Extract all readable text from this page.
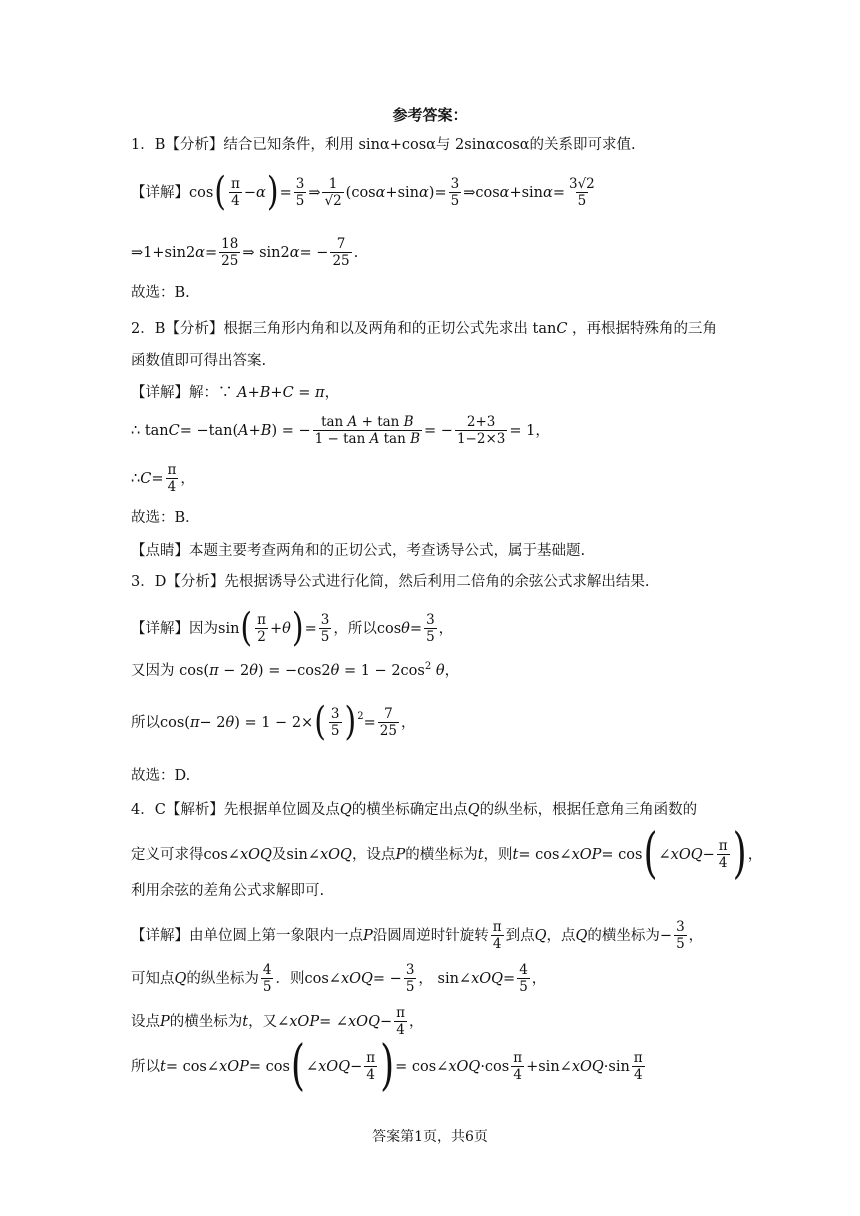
参考答案：
1．B【分析】结合已知条件，利用 sinα+cosα与 2sinαcosα的关系即可求值.
【详解】 cos ( $\frac{\pi}{4} -\alpha$ ) = $\frac{3}{5}$ ⇒ $\frac{1}{√2} (\cos$ α +sin α )= $\frac{3}{5}$ ⇒cos α +sin $\alpha = \frac{3√2}{5}$
⇒1+sin2 $\alpha = \frac{18}{25}$ ⇒ sin2 α = − $\frac{7}{25}$ .
故选：B.
2．B【分析】根据三角形内角和以及两角和的正切公式先求出 tanC ，再根据特殊角的三角
函数值即可得出答案.
【详解】解：∵ A+B+C = π，
∴ tan C = −tan( A + B ) = − $\frac{\text{tan A + tan B}}{\text{1 − tan A tan B}}$ = − $\frac{2+3}{1-2\times 3} = 1$，
∴ $C = \frac{\pi}{4}$ ，
故选：B．
【点睛】本题主要考查两角和的正切公式，考查诱导公式，属于基础题.
3．D【分析】先根据诱导公式进行化简，然后利用二倍角的余弦公式求解出结果.
【详解】因为 sin ( $\frac{\pi}{2} + \theta$ ) = $\frac{3}{5}$ ，所以 $\cos \theta = \frac{3}{5}$ ，
又因为 $\cos(\pi - 2\theta) = -\cos 2\theta = 1 - 2\cos^2$ θ，
所以 cos( π − 2 θ ) = 1 − 2× ( $\frac{3}{5} )^2 = \frac{7}{25}$ ，
故选：D.
4．C【解析】先根据单位圆及点Q的横坐标确定出点Q的纵坐标，根据任意角三角函数的
定义可求得 cos∠ xOQ 及 sin∠ xOQ ，设点 P 的横坐标为 t ，则 t = cos∠ xOP = cos ( ∠ xOQ − $\frac{\pi}{4}$ ) ，
利用余弦的差角公式求解即可.
【详解】由单位圆上第一象限内一点 P 沿圆周逆时针旋转 $\frac{\pi}{4}$ 到点 Q ，点 Q 的横坐标为 − $\frac{3}{5}$ ，
可知点 Q 的纵坐标为 $\frac{4}{5}$ ．则 cos∠ xOQ = − $\frac{3}{5}$ ， sin∠ xOQ = $\frac{4}{5}$ ，
设点 P 的横坐标为 t ，又 ∠ xOP = ∠ xOQ − $\frac{\pi}{4}$ ，
所以 t = cos∠ xOP = cos ( ∠ xOQ − $\frac{\pi}{4}$ ) = cos∠ xOQ $\cdot\cos \frac{\pi}{4}$ +sin∠ xOQ $\cdot\sin \frac{\pi}{4}$
答案第1页，共6页
